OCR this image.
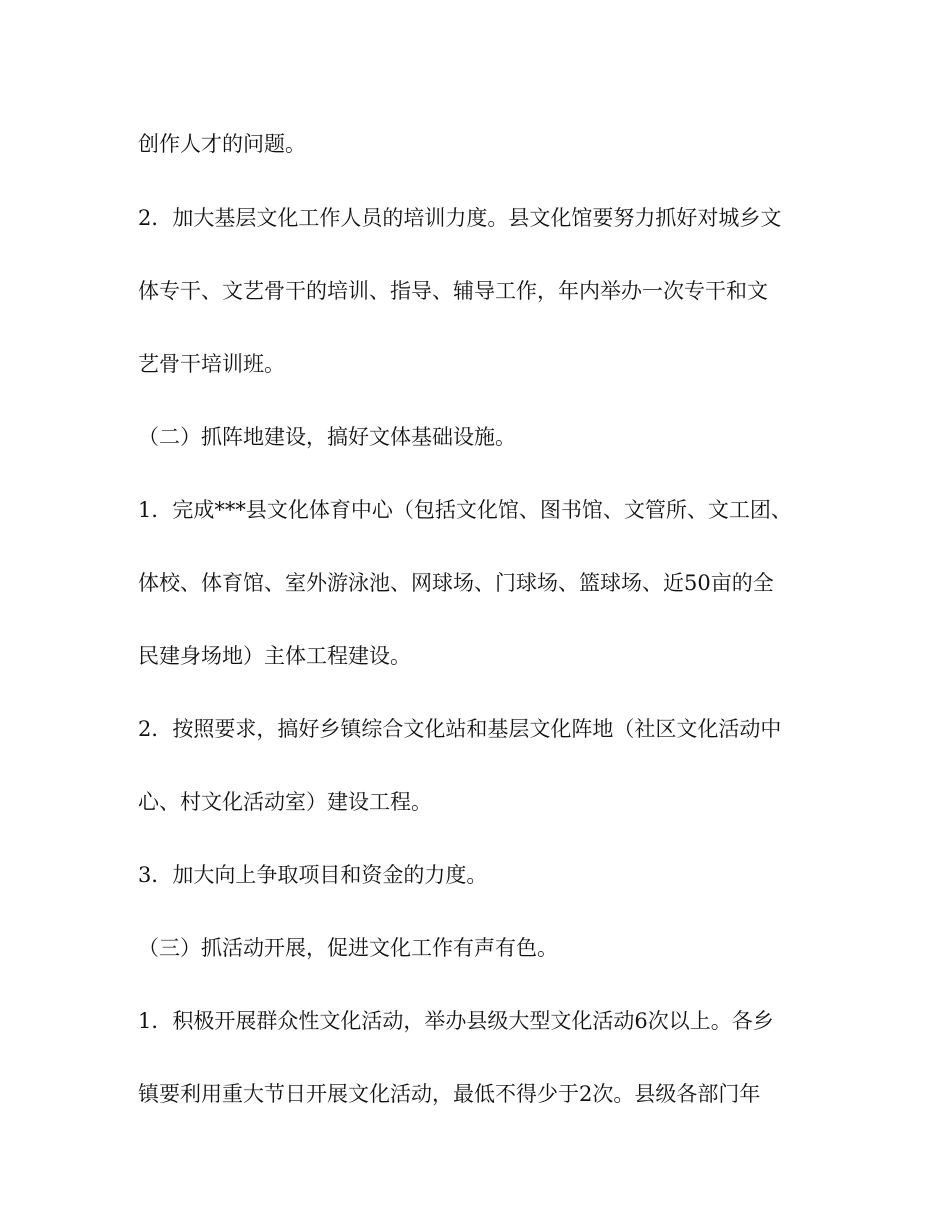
创作人才的问题。
2．加大基层文化工作人员的培训力度。县文化馆要努力抓好对城乡文
体专干、文艺骨干的培训、指导、辅导工作，年内举办一次专干和文
艺骨干培训班。
（二）抓阵地建设，搞好文体基础设施。
1．完成***县文化体育中心（包括文化馆、图书馆、文管所、文工团、
体校、体育馆、室外游泳池、网球场、门球场、篮球场、近50亩的全
民建身场地）主体工程建设。
2．按照要求，搞好乡镇综合文化站和基层文化阵地（社区文化活动中
心、村文化活动室）建设工程。
3．加大向上争取项目和资金的力度。
（三）抓活动开展，促进文化工作有声有色。
1．积极开展群众性文化活动，举办县级大型文化活动6次以上。各乡
镇要利用重大节日开展文化活动，最低不得少于2次。县级各部门年
